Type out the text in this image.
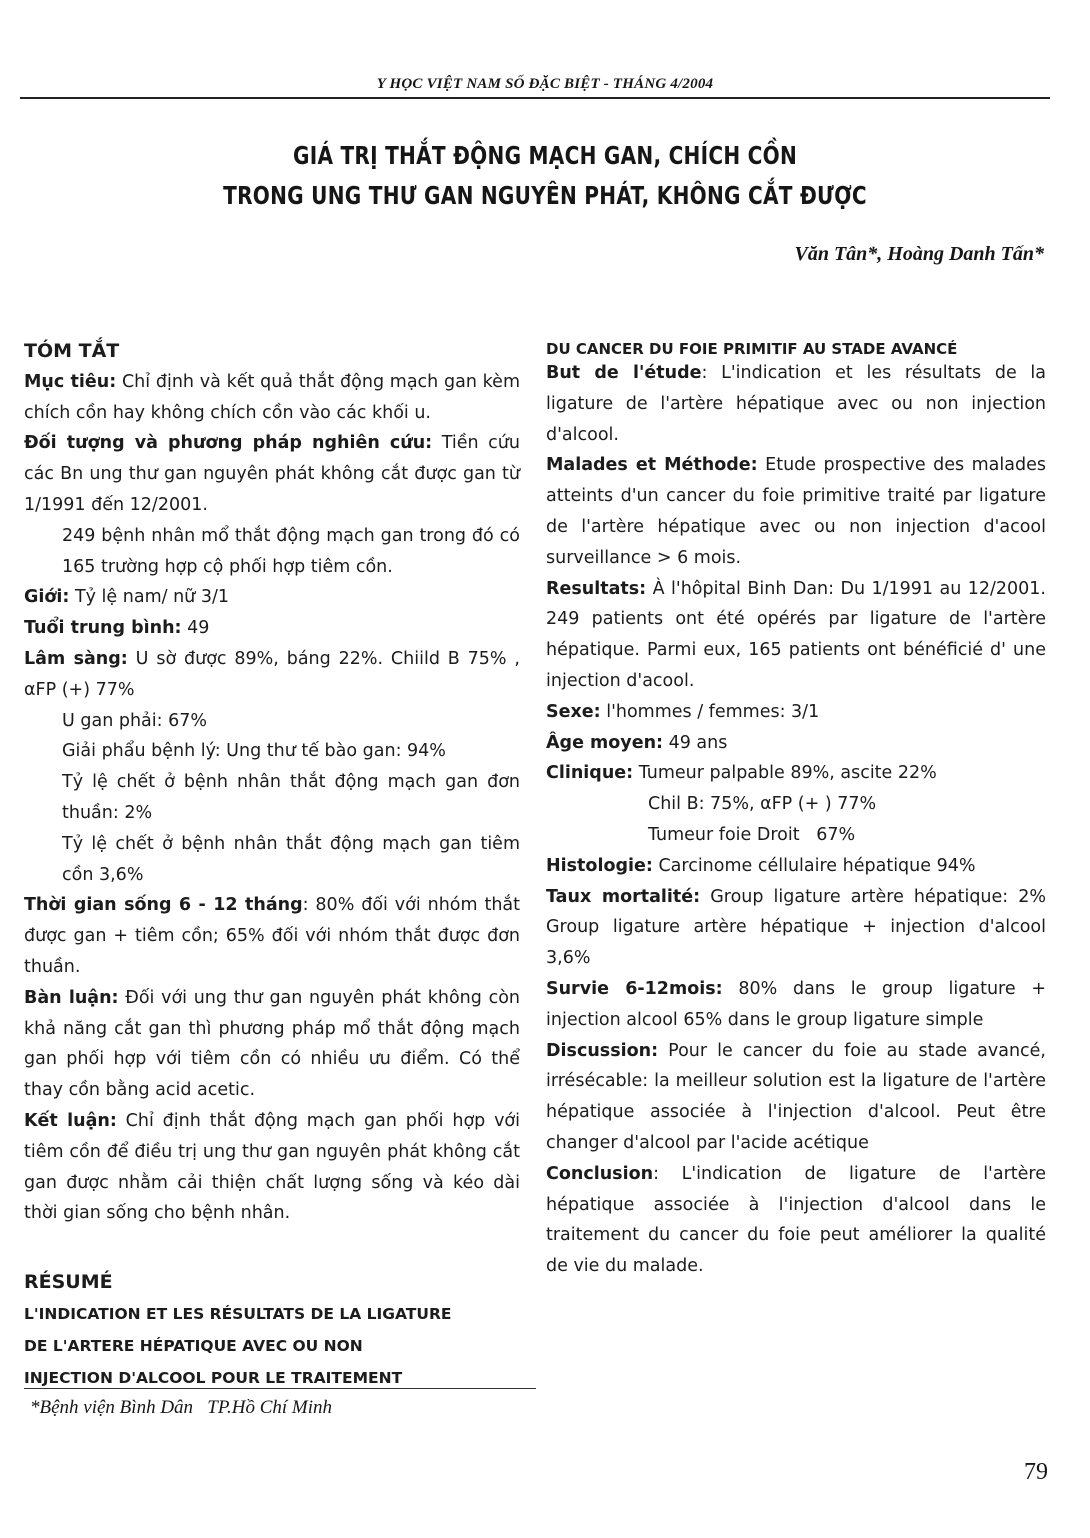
Y HỌC VIỆT NAM SỐ ĐẶC BIỆT - THÁNG 4/2004
GIÁ TRỊ THẮT ĐỘNG MẠCH GAN, CHÍCH CỒN
TRONG UNG THƯ GAN NGUYÊN PHÁT, KHÔNG CẮT ĐƯỢC
Văn Tân*, Hoàng Danh Tấn*

TÓM TẮT

Mục tiêu: Chỉ định và kết quả thắt động mạch gan kèm chích cồn hay không chích cồn vào các khối u.

Đối tượng và phương pháp nghiên cứu: Tiền cứu các Bn ung thư gan nguyên phát không cắt được gan từ 1/1991 đến 12/2001.

249 bệnh nhân mổ thắt động mạch gan trong đó có 165 trường hợp cộ phối hợp tiêm cồn.

Giới: Tỷ lệ nam/ nữ 3/1

Tuổi trung bình: 49

Lâm sàng: U sờ được 89%, báng 22%. Chiild B 75% , αFP (+) 77%

U gan phải: 67%

Giải phẩu bệnh lý: Ung thư tế bào gan: 94%

Tỷ lệ chết ở bệnh nhân thắt động mạch gan đơn thuần: 2%

Tỷ lệ chết ở bệnh nhân thắt động mạch gan tiêm cồn 3,6%

Thời gian sống 6 - 12 tháng: 80% đối với nhóm thắt được gan + tiêm cồn; 65% đối với nhóm thắt được đơn thuần.

Bàn luận: Đối với ung thư gan nguyên phát không còn khả năng cắt gan thì phương pháp mổ thắt động mạch gan phối hợp với tiêm cồn có nhiều ưu điểm. Có thể thay cồn bằng acid acetic.

Kết luận: Chỉ định thắt động mạch gan phối hợp với tiêm cồn để điều trị ung thư gan nguyên phát không cắt gan được nhằm cải thiện chất lượng sống và kéo dài thời gian sống cho bệnh nhân.

RÉSUMÉ

L'INDICATION ET LES RÉSULTATS DE LA LIGATURE

DE L'ARTERE HÉPATIQUE AVEC OU NON

INJECTION D'ALCOOL POUR LE TRAITEMENT

DU CANCER DU FOIE PRIMITIF AU STADE AVANCÉ

But de l'étude: L'indication et les résultats de la ligature de l'artère hépatique avec ou non injection d'alcool.

Malades et Méthode: Etude prospective des malades atteints d'un cancer du foie primitive traité par ligature de l'artère hépatique avec ou non injection d'acool surveillance > 6 mois.

Resultats: À l'hôpital Binh Dan: Du 1/1991 au 12/2001. 249 patients ont été opérés par ligature de l'artère hépatique. Parmi eux, 165 patients ont bénéficié d' une injection d'acool.

Sexe: l'hommes / femmes: 3/1

Âge moyen: 49 ans

Clinique: Tumeur palpable 89%, ascite 22%

Chil B: 75%, αFP (+ ) 77%

Tumeur foie Droit   67%

Histologie: Carcinome céllulaire hépatique 94%

Taux mortalité: Group ligature artère hépatique: 2% Group ligature artère hépatique + injection d'alcool 3,6%

Survie 6-12mois: 80% dans le group ligature + injection alcool 65% dans le group ligature simple

Discussion: Pour le cancer du foie au stade avancé, irrésécable: la meilleur solution est la ligature de l'artère hépatique associée à l'injection d'alcool. Peut être changer d'alcool par l'acide acétique

Conclusion: L'indication de ligature de l'artère hépatique associée à l'injection d'alcool dans le traitement du cancer du foie peut améliorer la qualité de vie du malade.

*Bệnh viện Bình Dân   TP.Hồ Chí Minh
79
